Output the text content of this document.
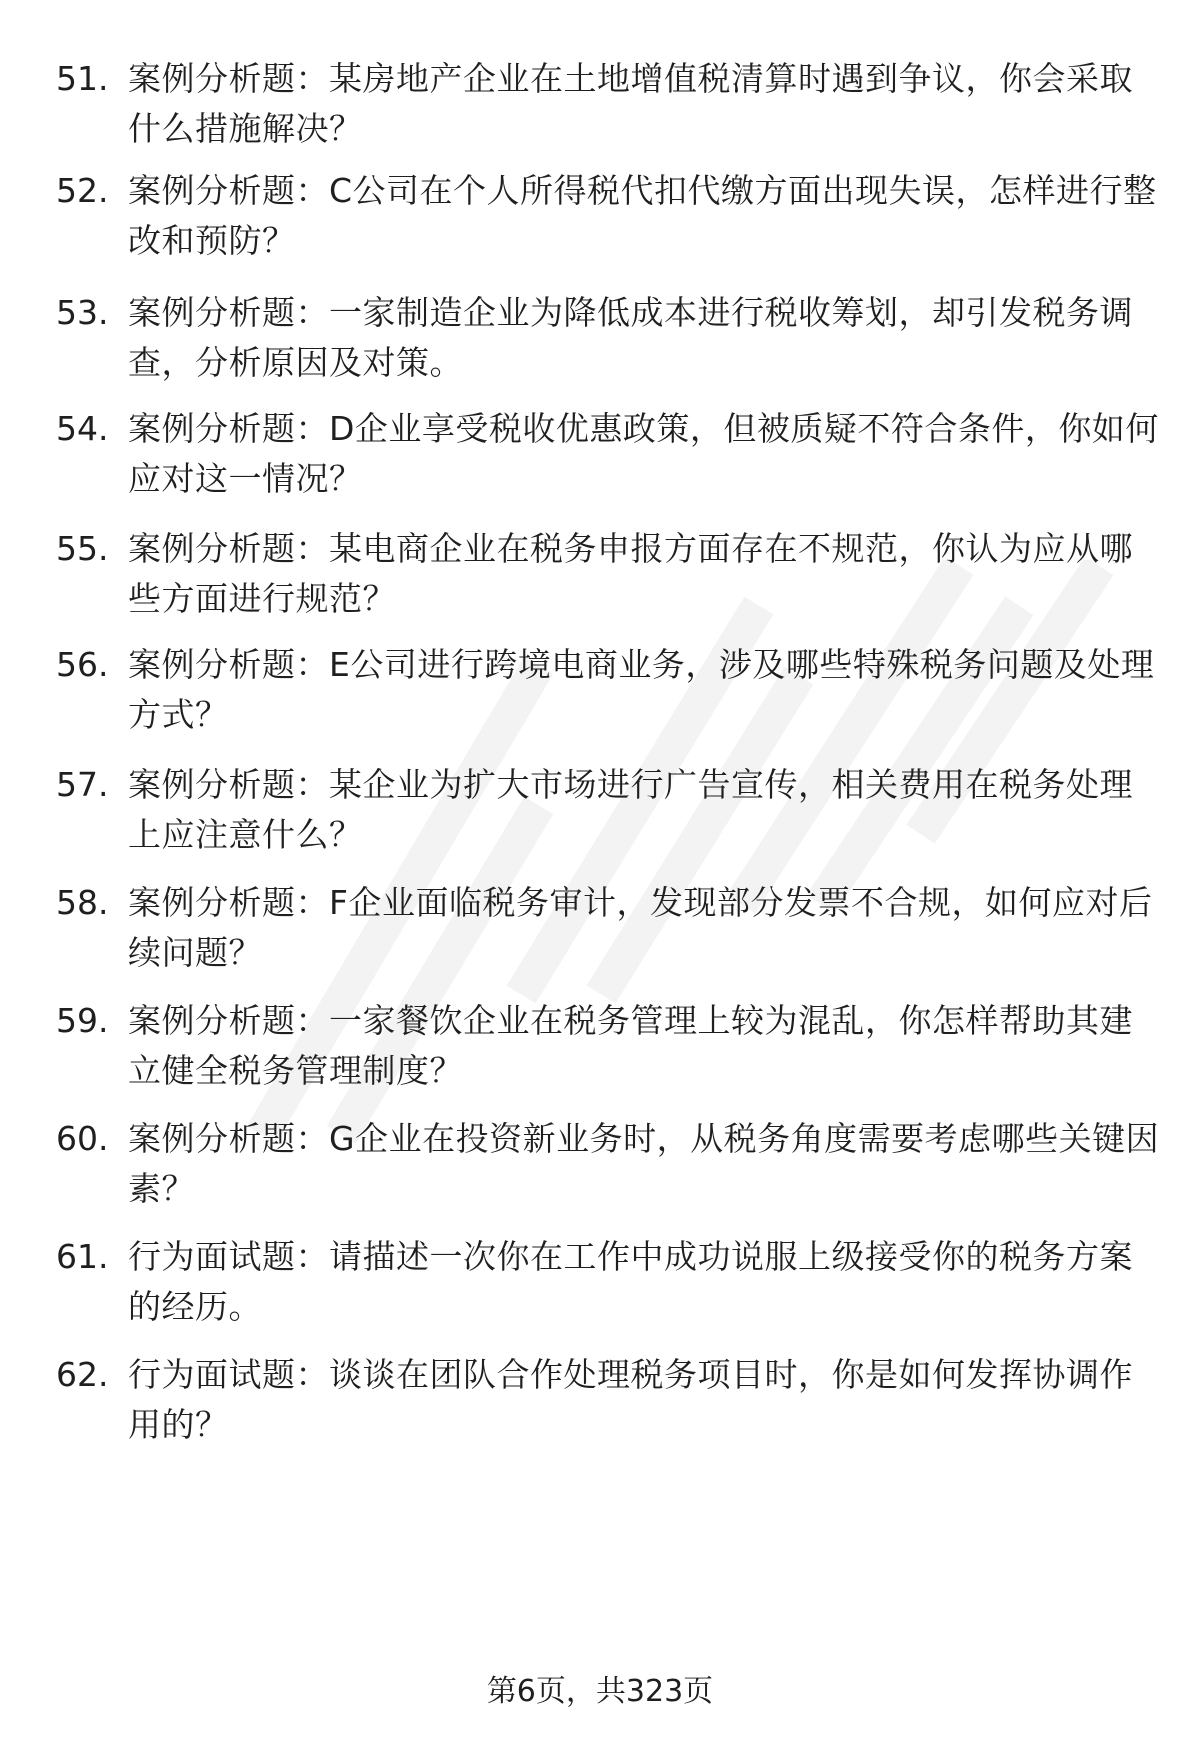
51. 案例分析题：某房地产企业在土地增值税清算时遇到争议，你会采取什么措施解决？
52. 案例分析题：C公司在个人所得税代扣代缴方面出现失误，怎样进行整改和预防？
53. 案例分析题：一家制造企业为降低成本进行税收筹划，却引发税务调查，分析原因及对策。
54. 案例分析题：D企业享受税收优惠政策，但被质疑不符合条件，你如何应对这一情况？
55. 案例分析题：某电商企业在税务申报方面存在不规范，你认为应从哪些方面进行规范？
56. 案例分析题：E公司进行跨境电商业务，涉及哪些特殊税务问题及处理方式？
57. 案例分析题：某企业为扩大市场进行广告宣传，相关费用在税务处理上应注意什么？
58. 案例分析题：F企业面临税务审计，发现部分发票不合规，如何应对后续问题？
59. 案例分析题：一家餐饮企业在税务管理上较为混乱，你怎样帮助其建立健全税务管理制度？
60. 案例分析题：G企业在投资新业务时，从税务角度需要考虑哪些关键因素？
61. 行为面试题：请描述一次你在工作中成功说服上级接受你的税务方案的经历。
62. 行为面试题：谈谈在团队合作处理税务项目时，你是如何发挥协调作用的？
第6页，共323页
